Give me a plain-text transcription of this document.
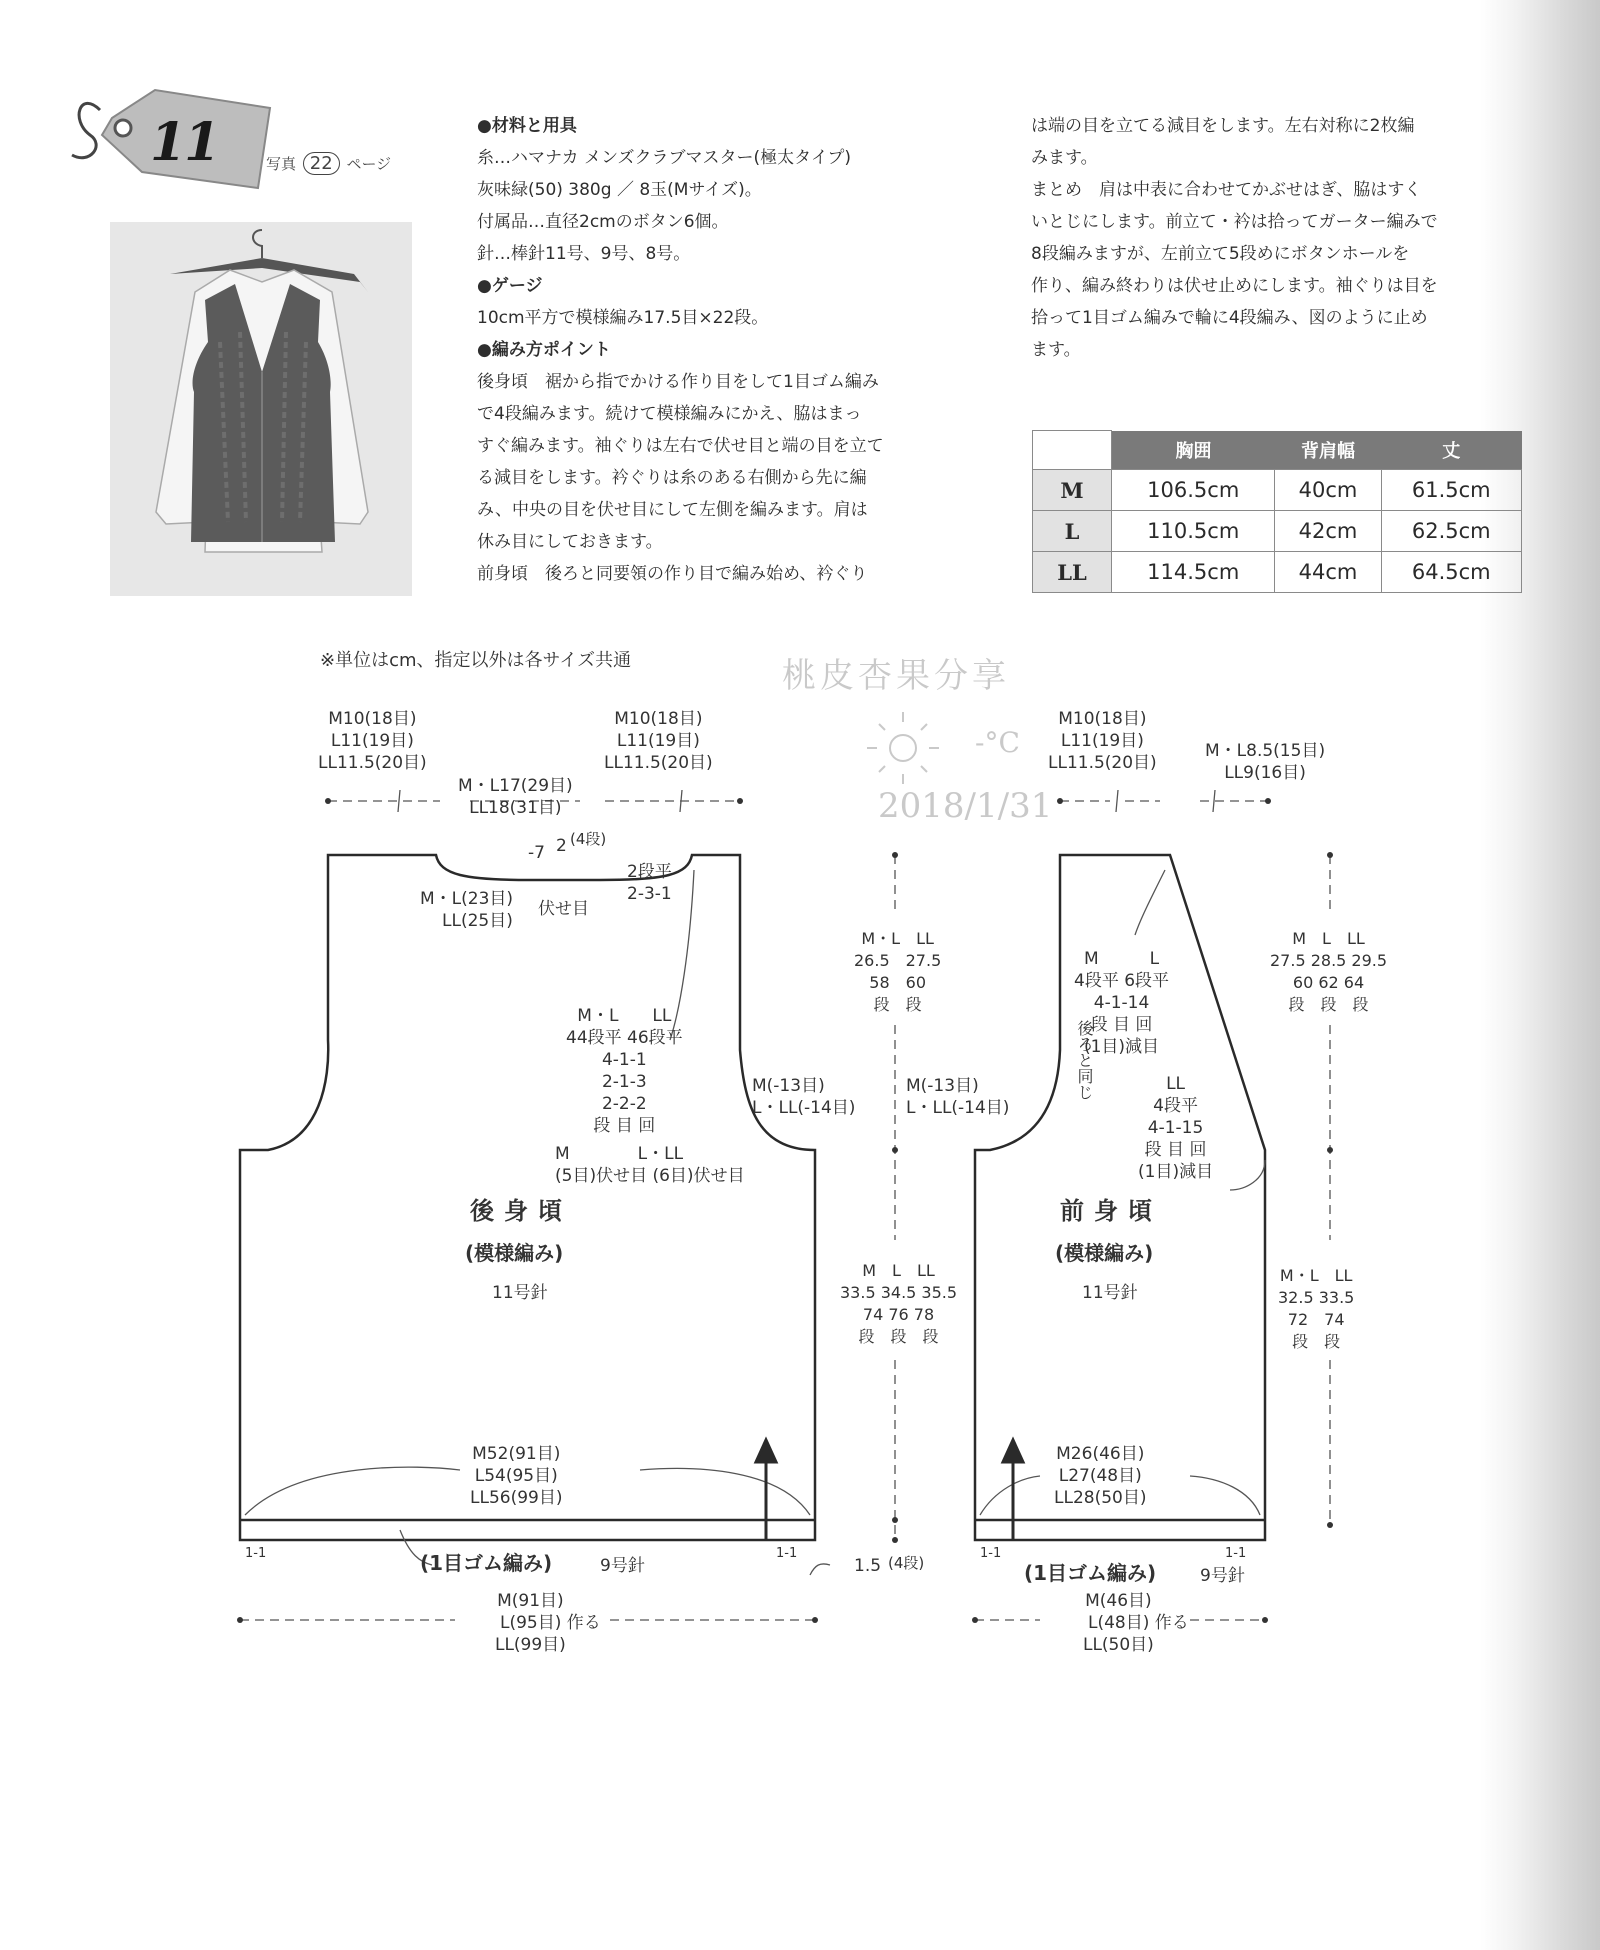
11	写真 22 ページ
●材料と用具
糸…ハマナカ メンズクラブマスター(極太タイプ)
灰味緑(50) 380g ／ 8玉(Mサイズ)。
付属品…直径2cmのボタン6個。
針…棒針11号、9号、8号。
●ゲージ
10cm平方で模様編み17.5目×22段。
●編み方ポイント
後身頃　裾から指でかける作り目をして1目ゴム編み
で4段編みます。続けて模様編みにかえ、脇はまっ
すぐ編みます。袖ぐりは左右で伏せ目と端の目を立て
る減目をします。衿ぐりは糸のある右側から先に編
み、中央の目を伏せ目にして左側を編みます。肩は
休み目にしておきます。
前身頃　後ろと同要領の作り目で編み始め、衿ぐり
は端の目を立てる減目をします。左右対称に2枚編
みます。
まとめ　肩は中表に合わせてかぶせはぎ、脇はすく
いとじにします。前立て・衿は拾ってガーター編みで
8段編みますが、左前立て5段めにボタンホールを
作り、編み終わりは伏せ止めにします。袖ぐりは目を
拾って1目ゴム編みで輪に4段編み、図のように止め
ます。
	胸囲	背肩幅	丈
M	106.5cm	40cm	61.5cm
L	110.5cm	42cm	62.5cm
LL	114.5cm	44cm	64.5cm
※単位はcm、指定以外は各サイズ共通
M10(18目)
L11(19目)
LL11.5(20目)
M10(18目)
L11(19目)
LL11.5(20目)
M・L17(29目)
LL18(31目)
-7 2 (4段)
2段平
2-3-1
M・L(23目)
LL(25目)
伏せ目
M・L　　LL
44段平 46段平
4-1-1
2-1-3
2-2-2
段 目 回
M　　　　L・LL
(5目)伏せ目 (6目)伏せ目
M(-13目)
L・LL(-14目)
後身頃
(模様編み)
11号針
M52(91目)
L54(95目)
LL56(99目)
1-1	1-1
(1目ゴム編み)	9号針
M(91目)
L(95目) 作る
LL(99目)
M・L　LL
26.5　27.5
58　 60
段　 段
M　L　LL
33.5 34.5 35.5
74 76 78
段　 段　 段
1.5 (4段)
M10(18目)
L11(19目)
LL11.5(20目)
M・L8.5(15目)
LL9(16目)
M　　　L
4段平 6段平
4-1-14
段 目 回
(1目)減目
後ろと同じ	LL
4段平
4-1-15
段 目 回
(1目)減目
M(-13目)
L・LL(-14目)
前身頃
(模様編み)
11号針
M26(46目)
L27(48目)
LL28(50目)
1-1	1-1
(1目ゴム編み)	9号針
M(46目)
L(48目) 作る
LL(50目)
M　L　LL
27.5 28.5 29.5
60 62 64
段　 段　 段
M・L　LL
32.5 33.5
72　 74
段　 段
桃皮杏果分享
-°C
2018/1/31
